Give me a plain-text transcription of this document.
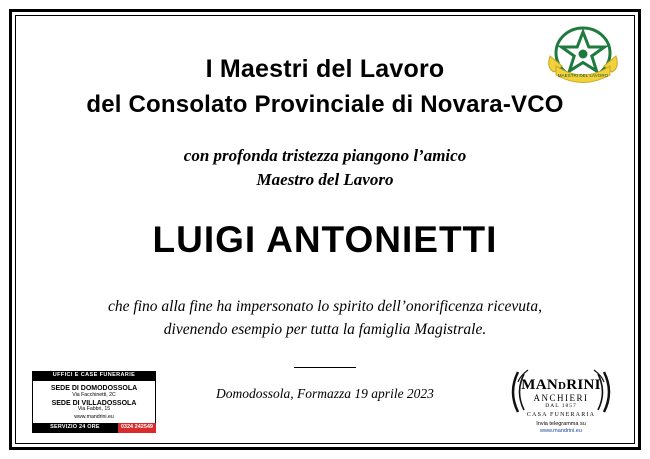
MAESTRI DEL LAVORO
I Maestri del Lavoro
del Consolato Provinciale di Novara-VCO
con profonda tristezza piangono l’amico
Maestro del Lavoro
LUIGI ANTONIETTI
che fino alla fine ha impersonato lo spirito dell’onorificenza ricevuta,
divenendo esempio per tutta la famiglia Magistrale.
Domodossola, Formazza 19 aprile 2023
UFFICI E CASE FUNERARIE
SEDE DI DOMODOSSOLA
Via Facchinetti, 2C
SEDE DI VILLADOSSOLA
Via Fabbri, 15
www.mandrini.eu
SERVIZIO 24 ORE	0324 242549
MANDRINI
ANCHIERI
DAL 1857
CASA FUNERARIA
Invia telegramma su
www.mandrini.eu
